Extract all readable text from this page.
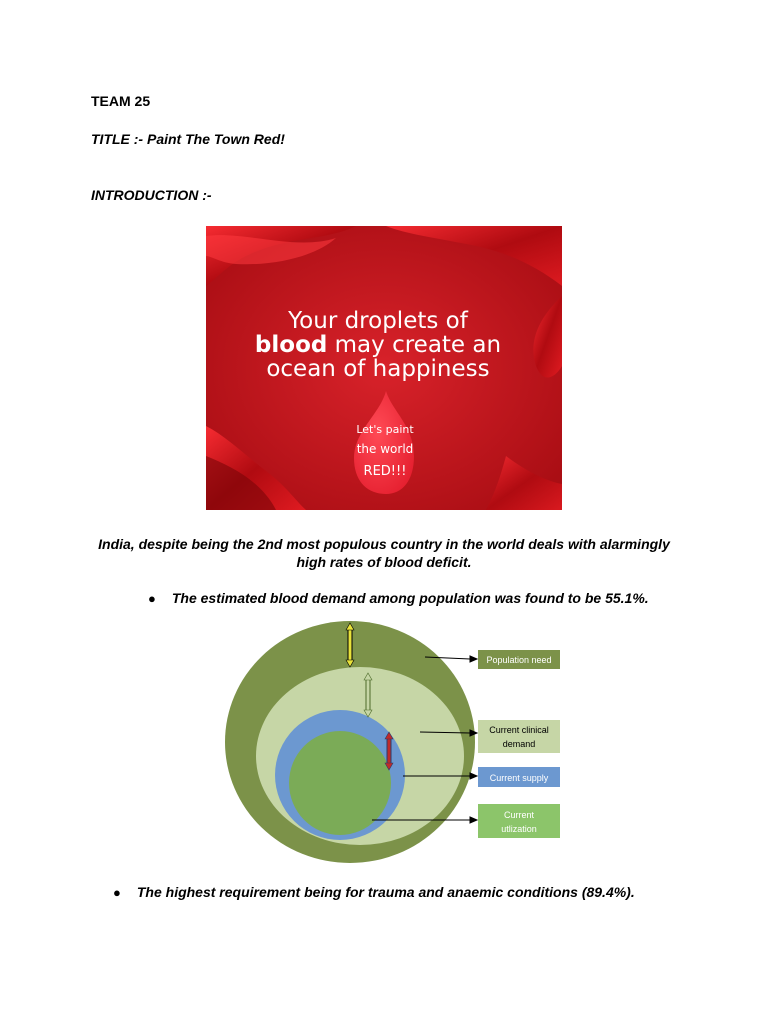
TEAM 25
TITLE :- Paint The Town Red!
INTRODUCTION :-
Your droplets of
blood may create an
ocean of happiness
Let's paint
the world
RED!!!
India, despite being the 2nd most populous country in the world deals with alarmingly high rates of blood deficit.
● The estimated blood demand among population was found to be 55.1%.
Population need
Current clinical
demand
Current supply
Current
utlization
● The highest requirement being for trauma and anaemic conditions (89.4%).
